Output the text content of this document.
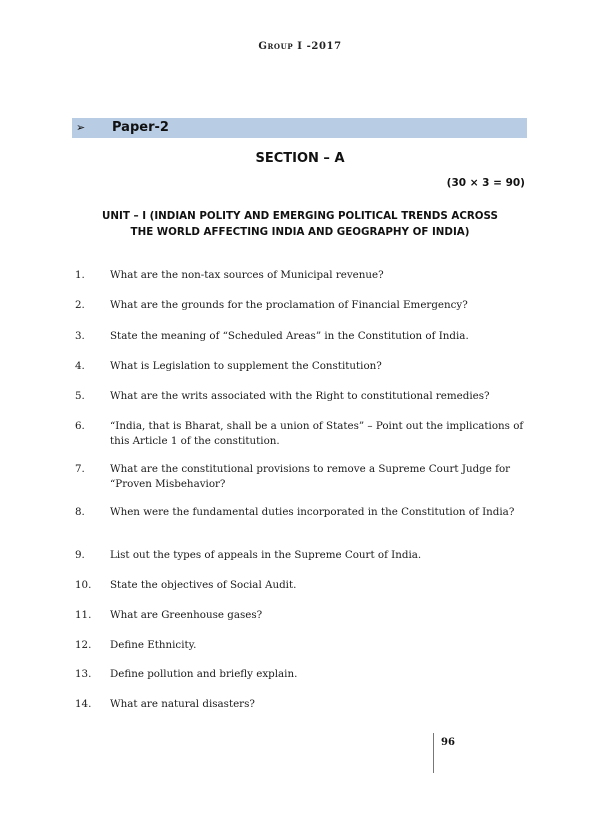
Group I -2017
➢ Paper-2
SECTION – A
(30 × 3 = 90)
UNIT – I (INDIAN POLITY AND EMERGING POLITICAL TRENDS ACROSS THE WORLD AFFECTING INDIA AND GEOGRAPHY OF INDIA)
1. What are the non-tax sources of Municipal revenue?
2. What are the grounds for the proclamation of Financial Emergency?
3. State the meaning of “Scheduled Areas” in the Constitution of India.
4. What is Legislation to supplement the Constitution?
5. What are the writs associated with the Right to constitutional remedies?
6. “India, that is Bharat, shall be a union of States” – Point out the implications of this Article 1 of the constitution.
7. What are the constitutional provisions to remove a Supreme Court Judge for “Proven Misbehavior?
8. When were the fundamental duties incorporated in the Constitution of India?
9. List out the types of appeals in the Supreme Court of India.
10. State the objectives of Social Audit.
11. What are Greenhouse gases?
12. Define Ethnicity.
13. Define pollution and briefly explain.
14. What are natural disasters?
96
